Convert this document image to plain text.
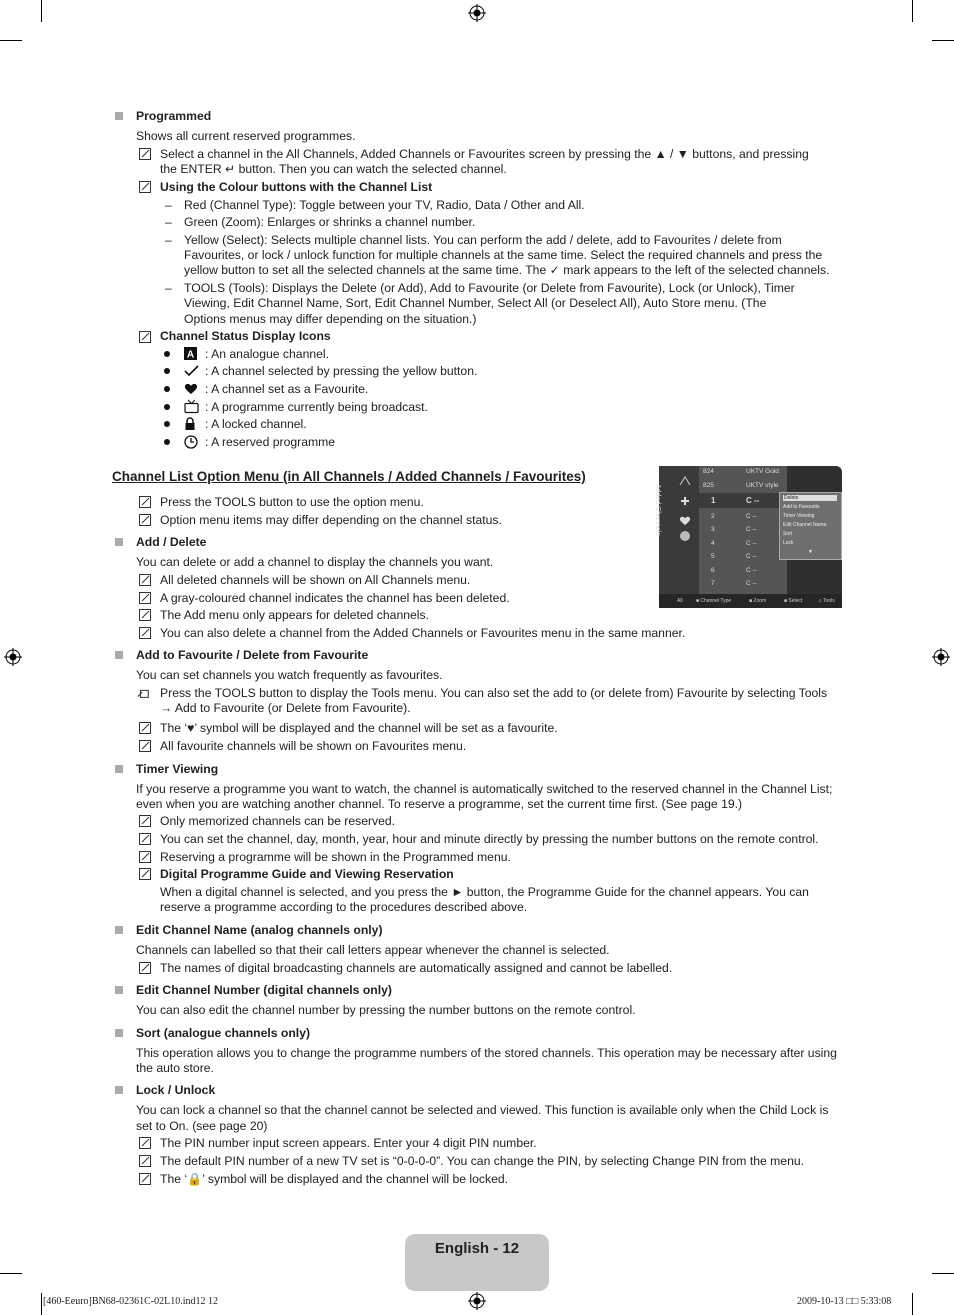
Programmed
Shows all current reserved programmes.
Select a channel in the All Channels, Added Channels or Favourites screen by pressing the ▲ / ▼ buttons, and pressing
the ENTER ↵ button. Then you can watch the selected channel.
Using the Colour buttons with the Channel List
– Red (Channel Type): Toggle between your TV, Radio, Data / Other and All.
– Green (Zoom): Enlarges or shrinks a channel number.
– Yellow (Select): Selects multiple channel lists. You can perform the add / delete, add to Favourites / delete from
Favourites, or lock / unlock function for multiple channels at the same time. Select the required channels and press the
yellow button to set all the selected channels at the same time. The ✓ mark appears to the left of the selected channels.
– TOOLS (Tools): Displays the Delete (or Add), Add to Favourite (or Delete from Favourite), Lock (or Unlock), Timer
Viewing, Edit Channel Name, Sort, Edit Channel Number, Select All (or Deselect All), Auto Store menu. (The
Options menus may differ depending on the situation.)
Channel Status Display Icons
A : An analogue channel.
: A channel selected by pressing the yellow button.
: A channel set as a Favourite.
: A programme currently being broadcast.
: A locked channel.
: A reserved programme
Channel List Option Menu (in All Channels / Added Channels / Favourites)
Press the TOOLS button to use the option menu.
Option menu items may differ depending on the channel status.
Add / Delete
You can delete or add a channel to display the channels you want.
All deleted channels will be shown on All Channels menu.
A gray-coloured channel indicates the channel has been deleted.
The Add menu only appears for deleted channels.
You can also delete a channel from the Added Channels or Favourites menu in the same manner.
Add to Favourite / Delete from Favourite
You can set channels you watch frequently as favourites.
Press the TOOLS button to display the Tools menu. You can also set the add to (or delete from) Favourite by selecting Tools
→ Add to Favourite (or Delete from Favourite).
The ‘♥’ symbol will be displayed and the channel will be set as a favourite.
All favourite channels will be shown on Favourites menu.
Timer Viewing
If you reserve a programme you want to watch, the channel is automatically switched to the reserved channel in the Channel List;
even when you are watching another channel. To reserve a programme, set the current time first. (See page 19.)
Only memorized channels can be reserved.
You can set the channel, day, month, year, hour and minute directly by pressing the number buttons on the remote control.
Reserving a programme will be shown in the Programmed menu.
Digital Programme Guide and Viewing Reservation
When a digital channel is selected, and you press the ► button, the Programme Guide for the channel appears. You can
reserve a programme according to the procedures described above.
Edit Channel Name (analog channels only)
Channels can labelled so that their call letters appear whenever the channel is selected.
The names of digital broadcasting channels are automatically assigned and cannot be labelled.
Edit Channel Number (digital channels only)
You can also edit the channel number by pressing the number buttons on the remote control.
Sort (analogue channels only)
This operation allows you to change the programme numbers of the stored channels. This operation may be necessary after using
the auto store.
Lock / Unlock
You can lock a channel so that the channel cannot be selected and viewed. This function is available only when the Child Lock is
set to On. (see page 20)
The PIN number input screen appears. Enter your 4 digit PIN number.
The default PIN number of a new TV set is “0-0-0-0”. You can change the PIN, by selecting Change PIN from the menu.
The ‘🔒’ symbol will be displayed and the channel will be locked.
Added Channels
824	UKTV Gold
825	UKTV style
1	C --
2	C --
3	C --
4	C --
5	C --
6	C --
7	C --
Delete
Add to Favourite
Timer Viewing
Edit Channel Name
Sort
Lock
▼
All	■ Channel Type	■ Zoom	■ Select	♫ Tools
English - 12
[460-Eeuro]BN68-02361C-02L10.ind12 12	2009-10-13 □□ 5:33:08
